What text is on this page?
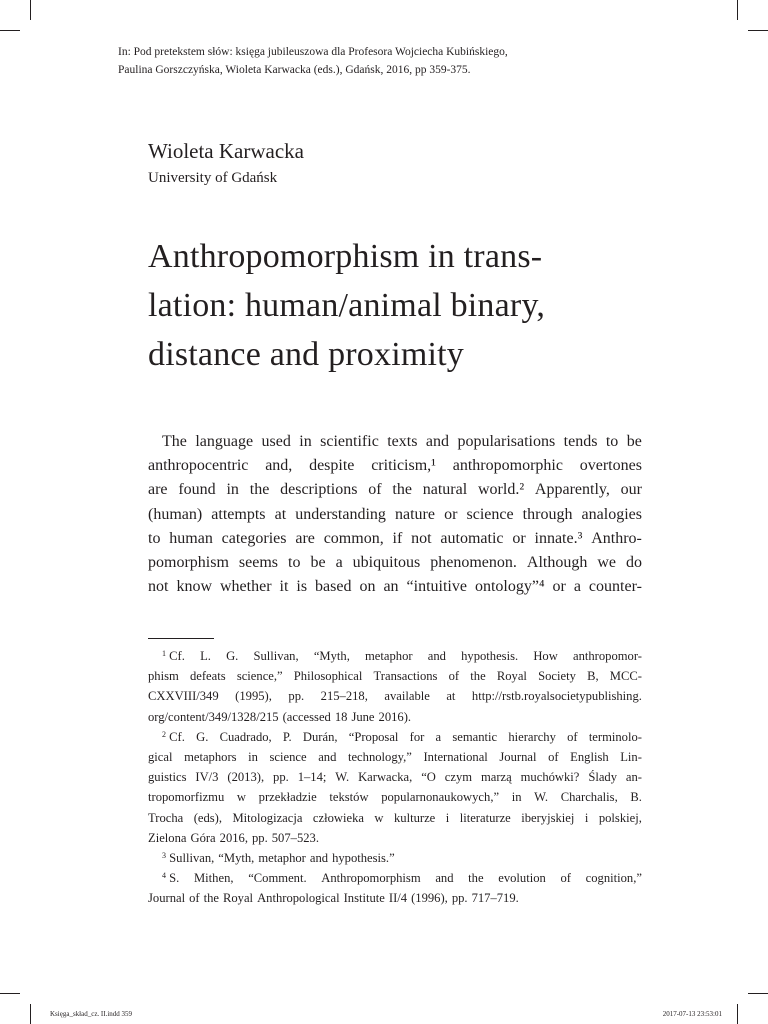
In: Pod pretekstem słów: księga jubileuszowa dla Profesora Wojciecha Kubińskiego,
Paulina Gorszczyńska, Wioleta Karwacka (eds.), Gdańsk, 2016, pp 359-375.
Wioleta Karwacka
University of Gdańsk
Anthropomorphism in trans-
lation: human/animal binary,
distance and proximity
The language used in scientific texts and popularisations tends to be
anthropocentric and, despite criticism,¹ anthropomorphic overtones
are found in the descriptions of the natural world.² Apparently, our
(human) attempts at understanding nature or science through analogies
to human categories are common, if not automatic or innate.³ Anthro-
pomorphism seems to be a ubiquitous phenomenon. Although we do
not know whether it is based on an “intuitive ontology”⁴ or a counter-
$^1$ Cf. L. G. Sullivan, “Myth, metaphor and hypothesis. How anthropomor-
phism defeats science,” Philosophical Transactions of the Royal Society B, MCC-
CXXVIII/349 (1995), pp. 215–218, available at http://rstb.royalsocietypublishing.
org/content/349/1328/215 (accessed 18 June 2016).
$^2$ Cf. G. Cuadrado, P. Durán, “Proposal for a semantic hierarchy of terminolo-
gical metaphors in science and technology,” International Journal of English Lin-
guistics IV/3 (2013), pp. 1–14; W. Karwacka, “O czym marzą muchówki? Ślady an-
tropomorfizmu w przekładzie tekstów popularnonaukowych,” in W. Charchalis, B.
Trocha (eds), Mitologizacja człowieka w kulturze i literaturze iberyjskiej i polskiej,
Zielona Góra 2016, pp. 507–523.
$^3$ Sullivan, “Myth, metaphor and hypothesis.”
$^4$ S. Mithen, “Comment. Anthropomorphism and the evolution of cognition,”
Journal of the Royal Anthropological Institute II/4 (1996), pp. 717–719.
Księga_skład_cz. II.indd 359	2017-07-13 23:53:01
